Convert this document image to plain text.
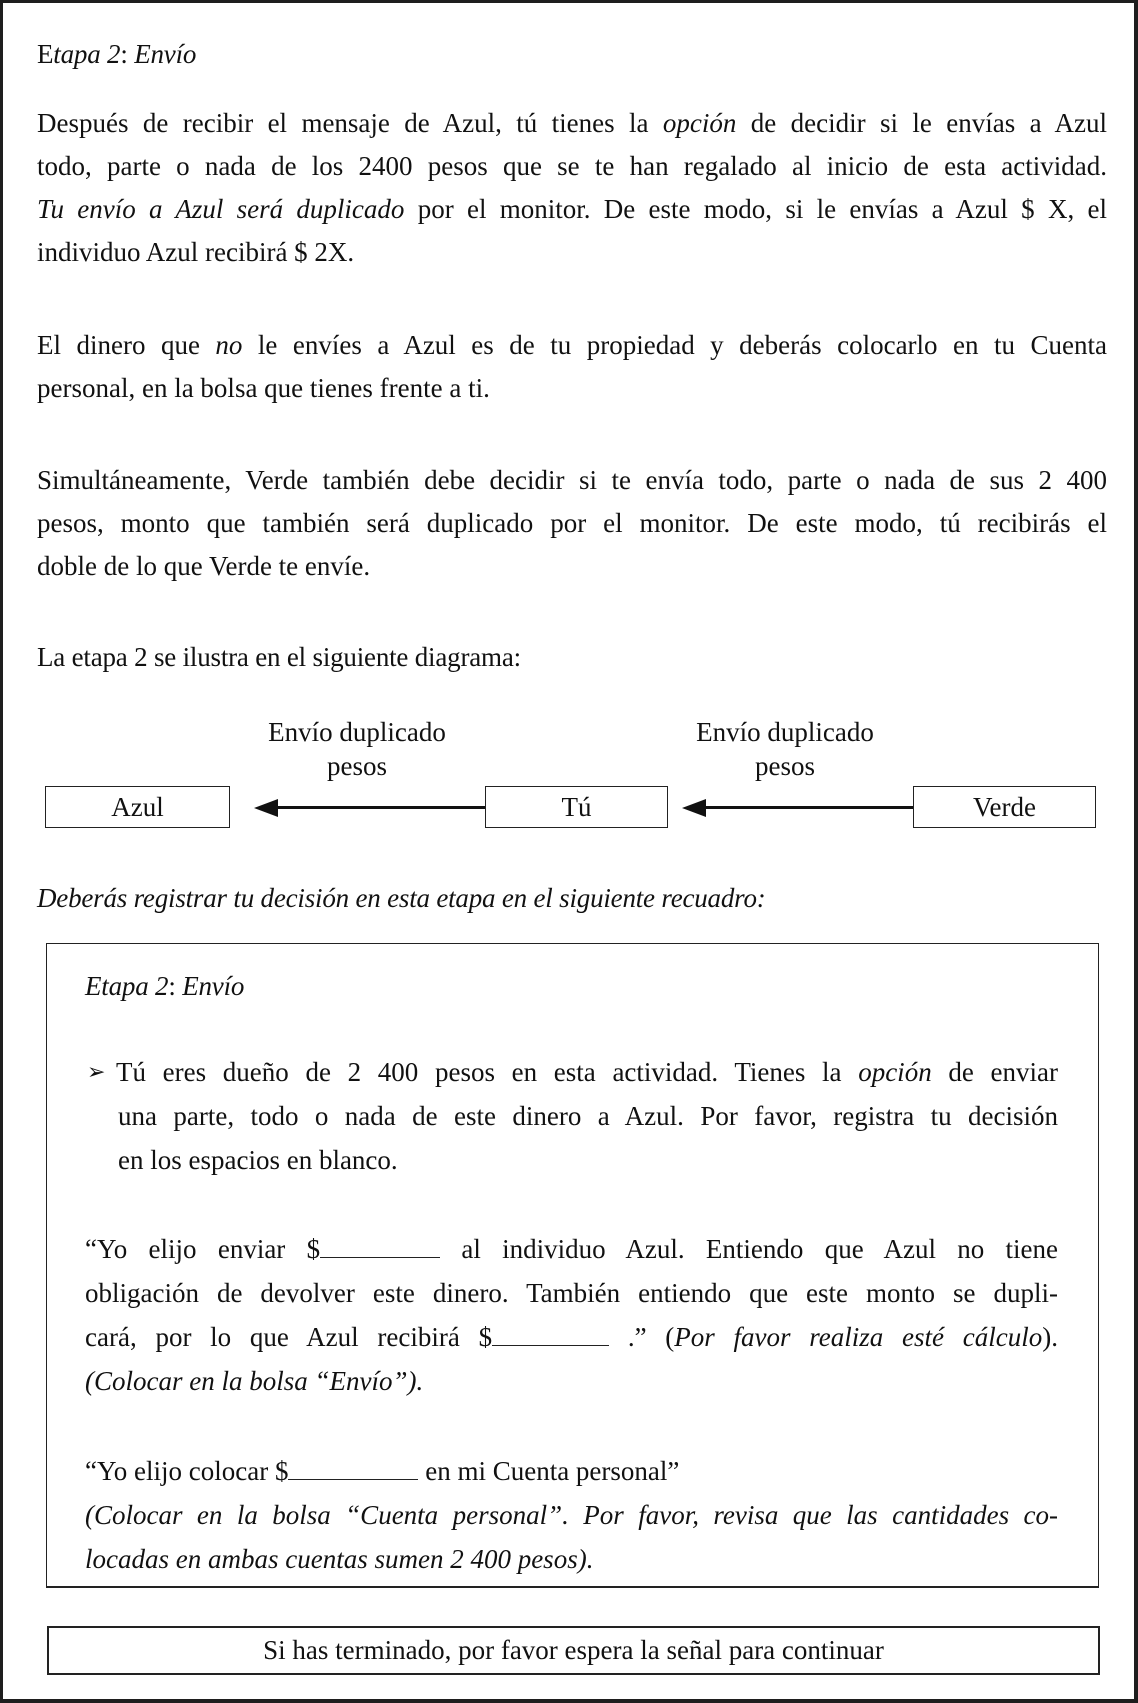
Etapa 2: Envío
Después de recibir el mensaje de Azul, tú tienes la opción de decidir si le envías a Azul
todo, parte o nada de los 2400 pesos que se te han regalado al inicio de esta actividad.
Tu envío a Azul será duplicado por el monitor. De este modo, si le envías a Azul $ X, el
individuo Azul recibirá $ 2X.
El dinero que no le envíes a Azul es de tu propiedad y deberás colocarlo en tu Cuenta
personal, en la bolsa que tienes frente a ti.
Simultáneamente, Verde también debe decidir si te envía todo, parte o nada de sus 2 400
pesos, monto que también será duplicado por el monitor. De este modo, tú recibirás el
doble de lo que Verde te envíe.
La etapa 2 se ilustra en el siguiente diagrama:
Envío duplicado
pesos
Envío duplicado
pesos
Azul	Tú	Verde
Deberás registrar tu decisión en esta etapa en el siguiente recuadro:
Etapa 2: Envío
➢ Tú eres dueño de 2 400 pesos en esta actividad. Tienes la opción de enviar
una parte, todo o nada de este dinero a Azul. Por favor, registra tu decisión
en los espacios en blanco.
“Yo elijo enviar $	al individuo Azul. Entiendo que Azul no tiene
obligación de devolver este dinero. También entiendo que este monto se dupli-
cará, por lo que Azul recibirá $	.” (Por favor realiza esté cálculo).
(Colocar en la bolsa “Envío”).
“Yo elijo colocar $	en mi Cuenta personal”
(Colocar en la bolsa “Cuenta personal”. Por favor, revisa que las cantidades co-
locadas en ambas cuentas sumen 2 400 pesos).
Si has terminado, por favor espera la señal para continuar
